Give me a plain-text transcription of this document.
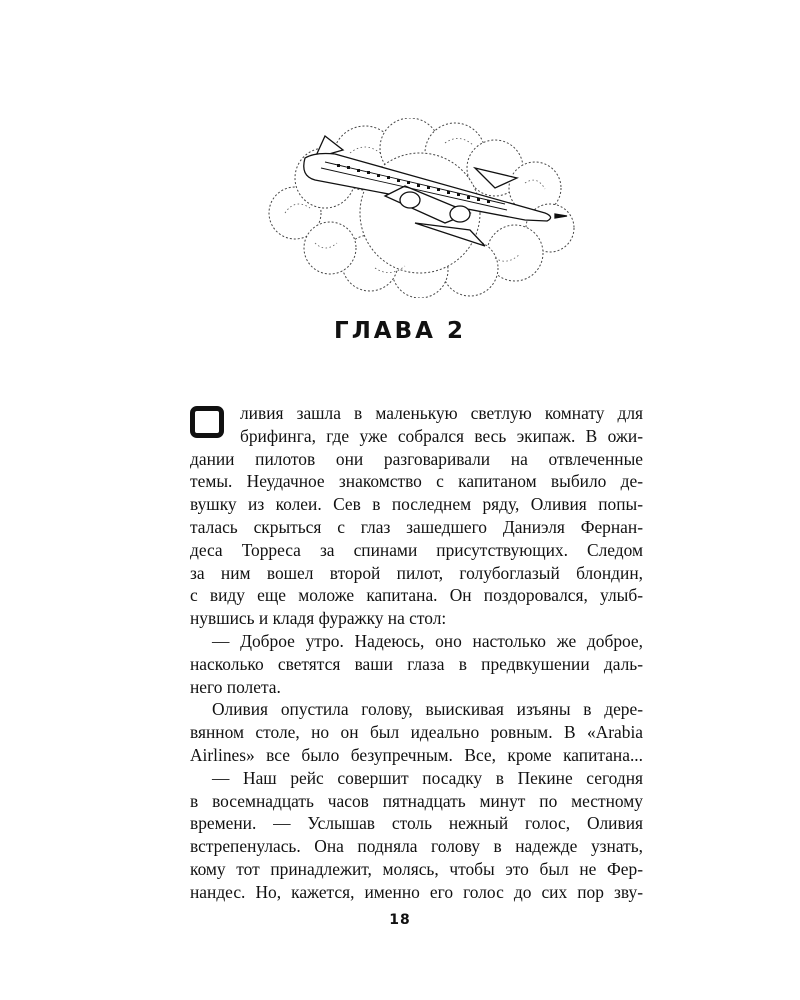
ГЛАВА 2
ливия зашла в маленькую светлую комнату для
брифинга, где уже собрался весь экипаж. В ожи-
дании пилотов они разговаривали на отвлеченные
темы. Неудачное знакомство с капитаном выбило де-
вушку из колеи. Сев в последнем ряду, Оливия попы-
талась скрыться с глаз зашедшего Даниэля Фернан-
деса Торреса за спинами присутствующих. Следом
за ним вошел второй пилот, голубоглазый блондин,
с виду еще моложе капитана. Он поздоровался, улыб-
нувшись и кладя фуражку на стол:
— Доброе утро. Надеюсь, оно настолько же доброе,
насколько светятся ваши глаза в предвкушении даль-
него полета.
Оливия опустила голову, выискивая изъяны в дере-
вянном столе, но он был идеально ровным. В «Arabia
Airlines» все было безупречным. Все, кроме капитана...
— Наш рейс совершит посадку в Пекине сегодня
в восемнадцать часов пятнадцать минут по местному
времени. — Услышав столь нежный голос, Оливия
встрепенулась. Она подняла голову в надежде узнать,
кому тот принадлежит, молясь, чтобы это был не Фер-
нандес. Но, кажется, именно его голос до сих пор зву-
18
